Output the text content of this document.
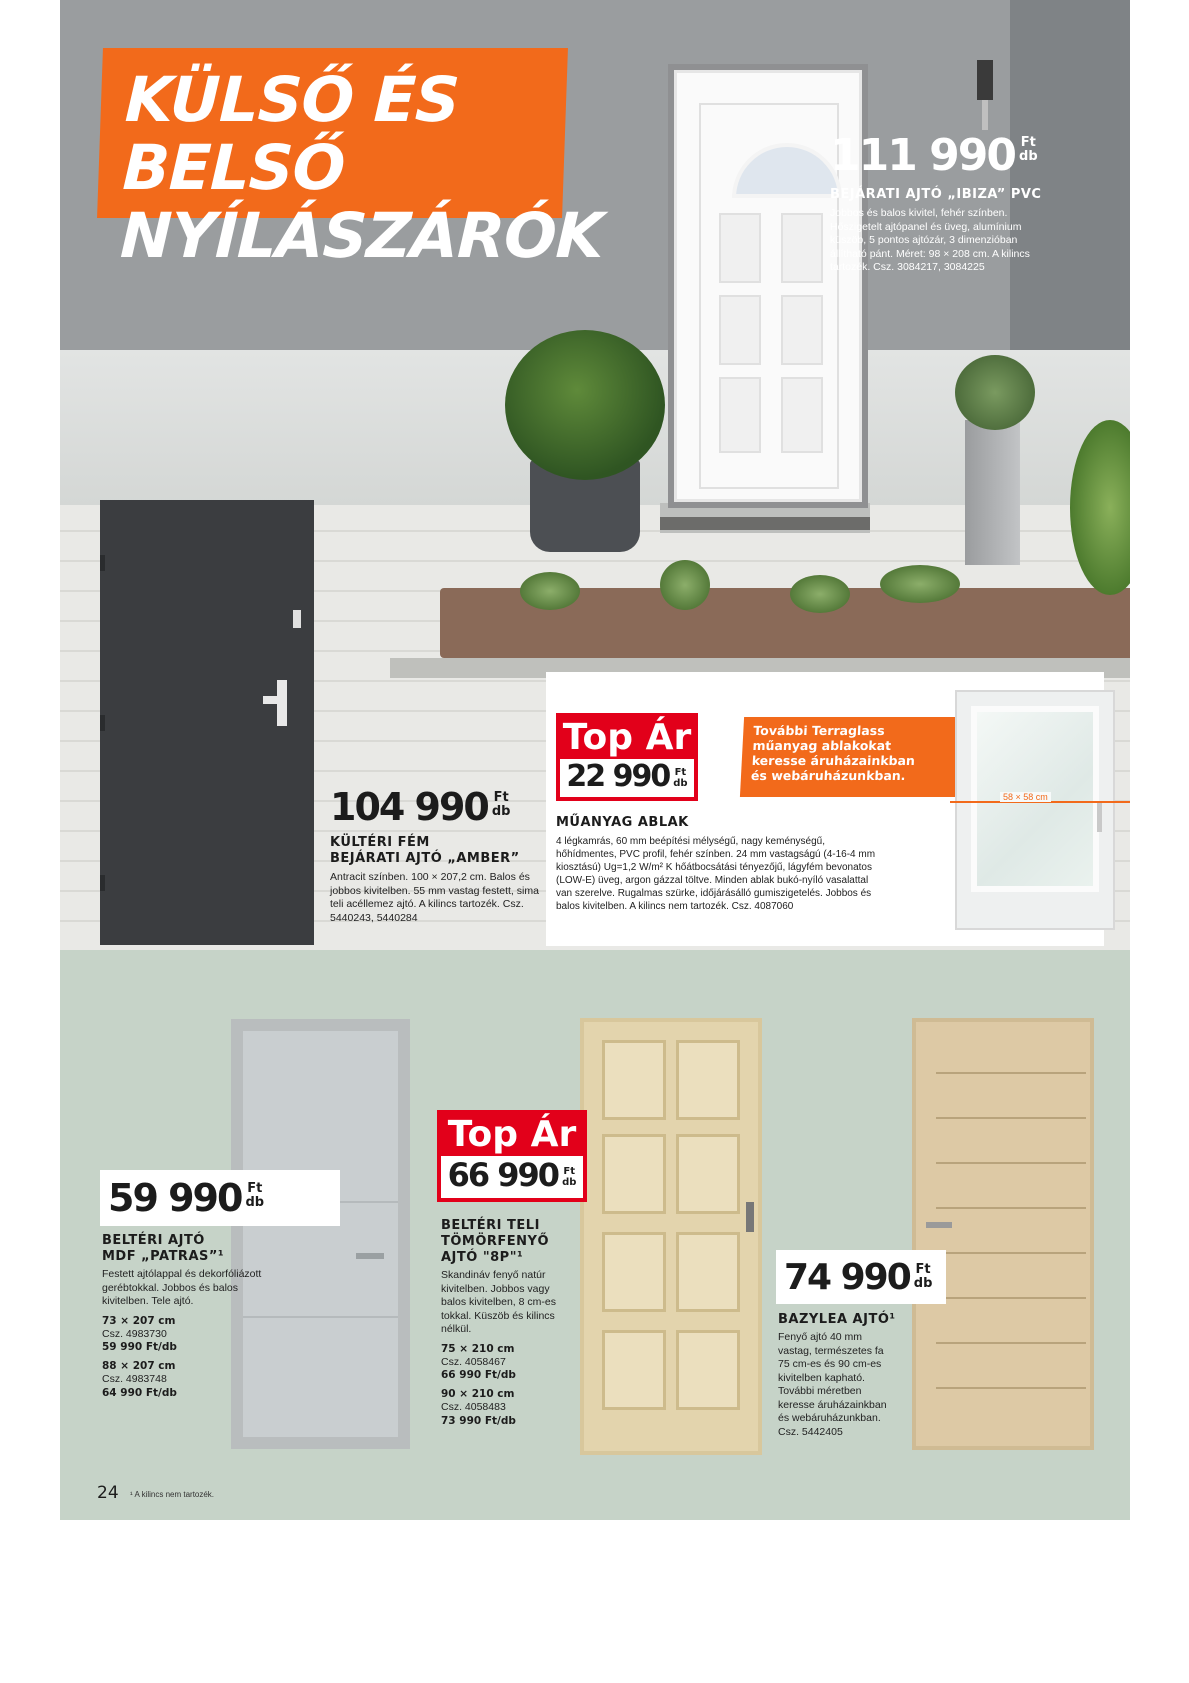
KÜLSŐ ÉS BELSŐ
NYÍLÁSZÁRÓK
111 990 Ft
db
BEJÁRATI AJTÓ „IBIZA” PVC
Jobbos és balos kivitel, fehér színben. Hőszigetelt ajtópanel és üveg, alumínium küszöb, 5 pontos ajtózár, 3 dimenzióban állítható pánt. Méret: 98 × 208 cm. A kilincs tartozék. Csz. 3084217, 3084225
104 990 Ft
db
KÜLTÉRI FÉM
BEJÁRATI AJTÓ „AMBER”
Antracit színben. 100 × 207,2 cm. Balos és jobbos kivitelben. 55 mm vastag festett, sima teli acéllemez ajtó. A kilincs tartozék. Csz. 5440243, 5440284
Top Ár
22 990 Ft
db
További Terraglass
műanyag ablakokat
keresse áruházainkban
és webáruházunkban.
58 × 58 cm
MŰANYAG ABLAK
4 légkamrás, 60 mm beépítési mélységű, nagy keménységű, hőhídmentes, PVC profil, fehér színben. 24 mm vastagságú (4-16-4 mm kiosztású) Ug=1,2 W/m² K hőátbocsátási tényezőjű, lágyfém bevonatos (LOW-E) üveg, argon gázzal töltve. Minden ablak bukó-nyíló vasalattal van szerelve. Rugalmas szürke, időjárásálló gumiszigetelés. Jobbos és balos kivitelben. A kilincs nem tartozék. Csz. 4087060
59 990 Ft
db
BELTÉRI AJTÓ
MDF „PATRAS”¹
Festett ajtólappal és dekorfóliázott gerébtokkal. Jobbos és balos kivitelben. Tele ajtó.
73 × 207 cm
Csz. 4983730
59 990 Ft/db
88 × 207 cm
Csz. 4983748
64 990 Ft/db
Top Ár
66 990 Ft
db
BELTÉRI TELI
TÖMÖRFENYŐ
AJTÓ "8P"¹
Skandináv fenyő natúr kivitelben. Jobbos vagy balos kivitelben, 8 cm-es tokkal. Küszöb és kilincs nélkül.
75 × 210 cm
Csz. 4058467
66 990 Ft/db
90 × 210 cm
Csz. 4058483
73 990 Ft/db
74 990 Ft
db
BAZYLEA AJTÓ¹
Fenyő ajtó 40 mm vastag, természetes fa 75 cm-es és 90 cm-es kivitelben kapható. További méretben keresse áruházainkban és webáruházunkban. Csz. 5442405
24 ¹ A kilincs nem tartozék.
